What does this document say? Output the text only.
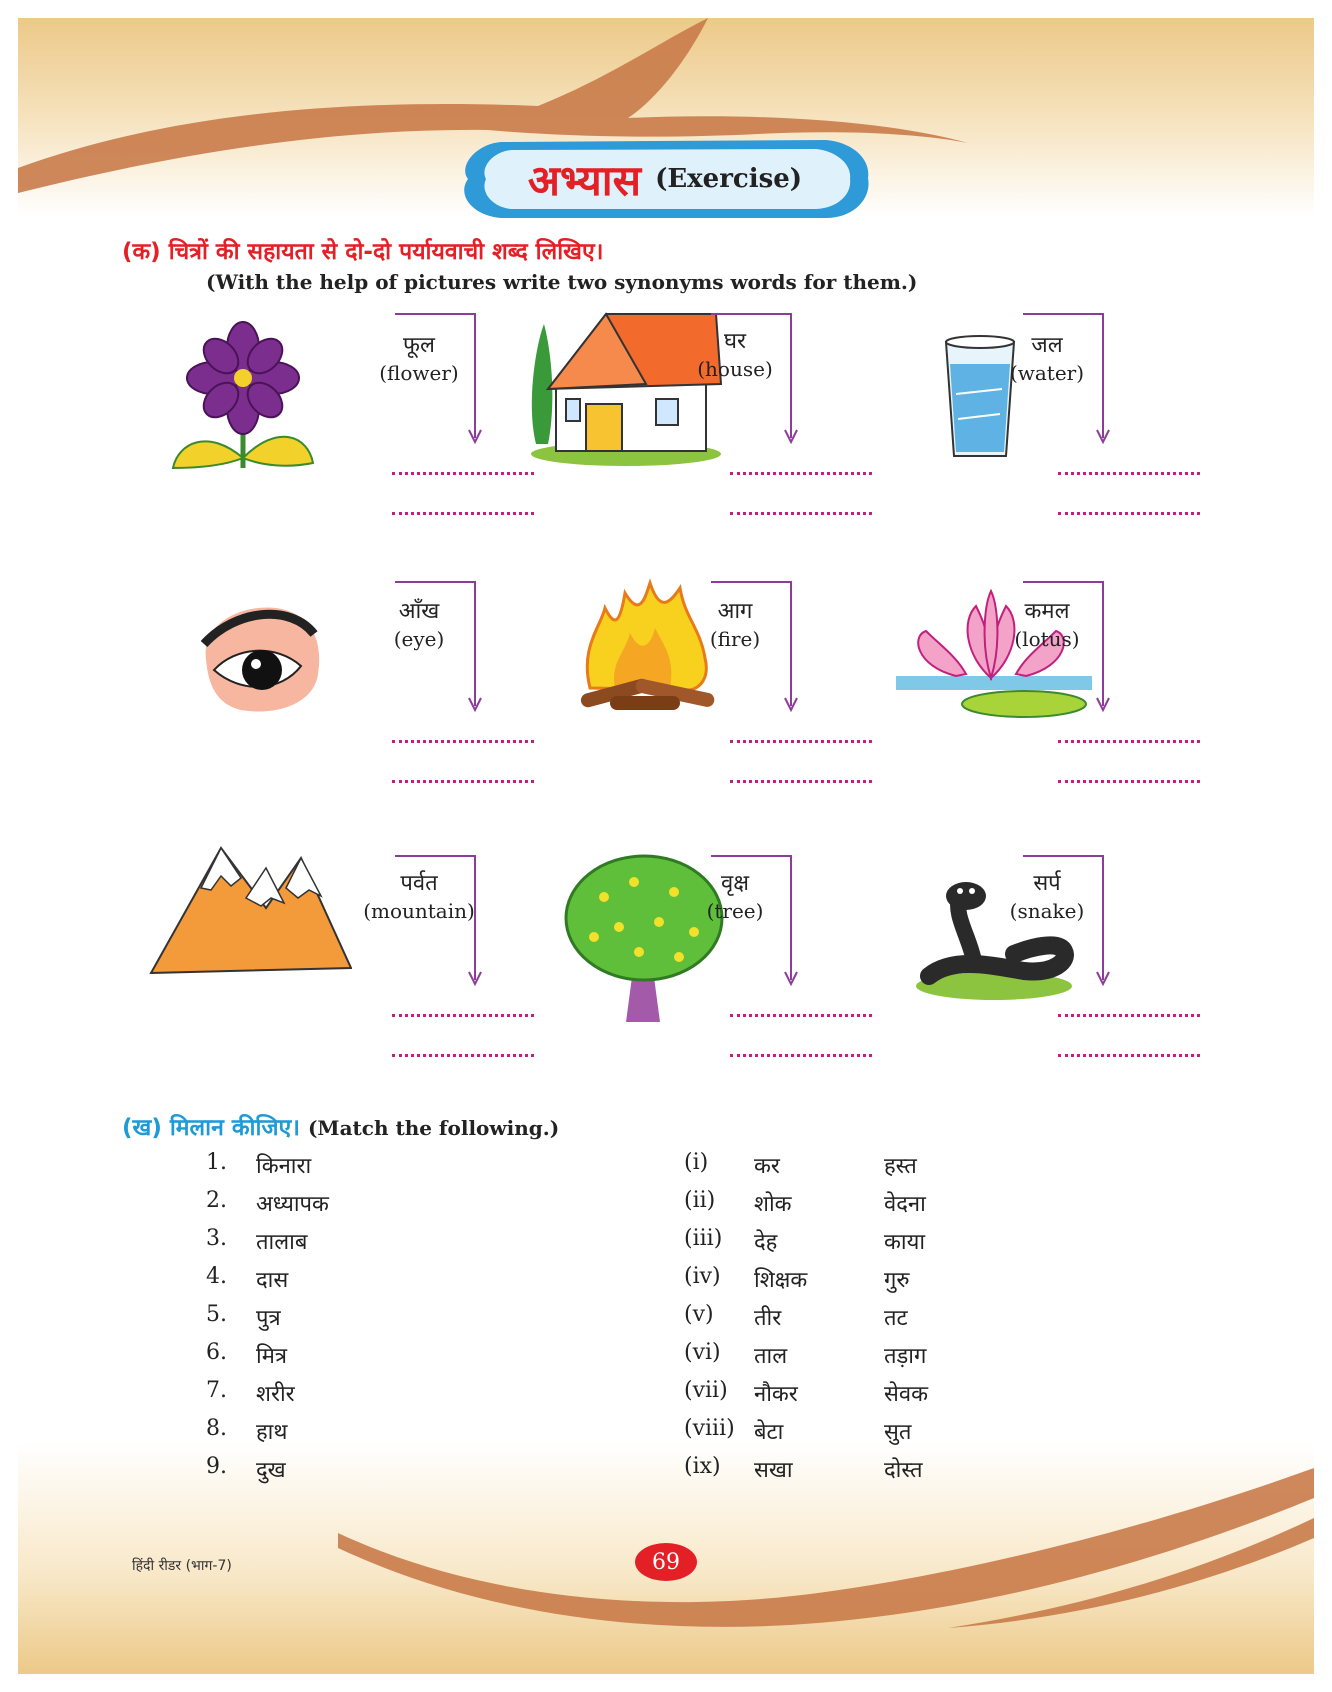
अभ्यास (Exercise)
(क) चित्रों की सहायता से दो-दो पर्यायवाची शब्द लिखिए।
(With the help of pictures write two synonyms words for them.)
फूल
(flower)
घर
(house)
जल
(water)
आँख
(eye)
आग
(fire)
कमल
(lotus)
पर्वत
(mountain)
वृक्ष
(tree)
सर्प
(snake)
(ख) मिलान कीजिए। (Match the following.)
1. किनारा	(i) कर	हस्त
2. अध्यापक	(ii) शोक	वेदना
3. तालाब	(iii) देह	काया
4. दास	(iv) शिक्षक	गुरु
5. पुत्र	(v) तीर	तट
6. मित्र	(vi) ताल	तड़ाग
7. शरीर	(vii) नौकर	सेवक
8. हाथ	(viii) बेटा	सुत
9. दुख	(ix) सखा	दोस्त
हिंदी रीडर (भाग-7)	69
